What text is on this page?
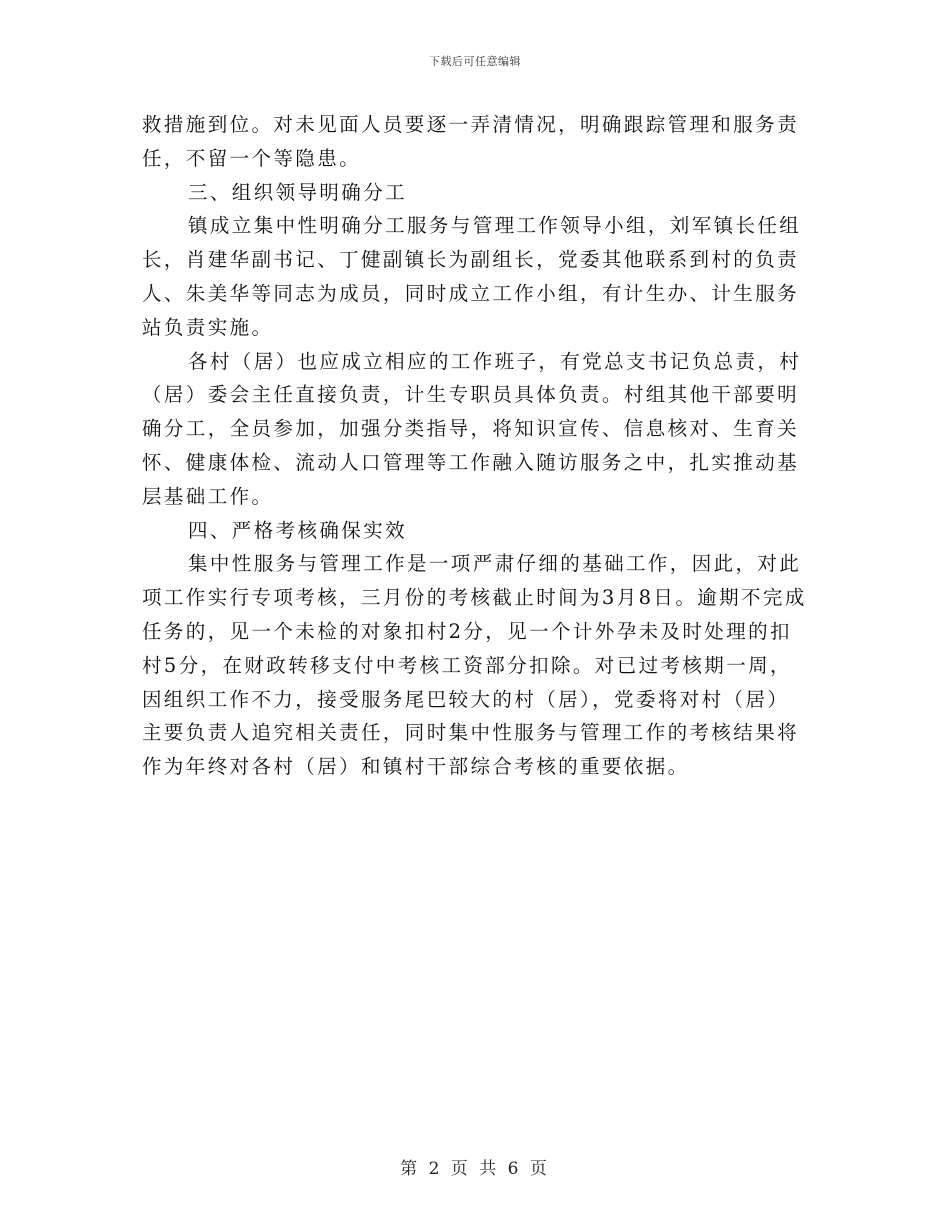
下载后可任意编辑
救措施到位。对未见面人员要逐一弄清情况，明确跟踪管理和服务责
任，不留一个等隐患。
三、组织领导明确分工
镇成立集中性明确分工服务与管理工作领导小组，刘军镇长任组
长，肖建华副书记、丁健副镇长为副组长，党委其他联系到村的负责
人、朱美华等同志为成员，同时成立工作小组，有计生办、计生服务
站负责实施。
各村（居）也应成立相应的工作班子，有党总支书记负总责，村
（居）委会主任直接负责，计生专职员具体负责。村组其他干部要明
确分工，全员参加，加强分类指导，将知识宣传、信息核对、生育关
怀、健康体检、流动人口管理等工作融入随访服务之中，扎实推动基
层基础工作。
四、严格考核确保实效
集中性服务与管理工作是一项严肃仔细的基础工作，因此，对此
项工作实行专项考核，三月份的考核截止时间为3月8日。逾期不完成
任务的，见一个未检的对象扣村2分，见一个计外孕未及时处理的扣
村5分，在财政转移支付中考核工资部分扣除。对已过考核期一周，
因组织工作不力，接受服务尾巴较大的村（居），党委将对村（居）
主要负责人追究相关责任，同时集中性服务与管理工作的考核结果将
作为年终对各村（居）和镇村干部综合考核的重要依据。
第 2 页 共 6 页
